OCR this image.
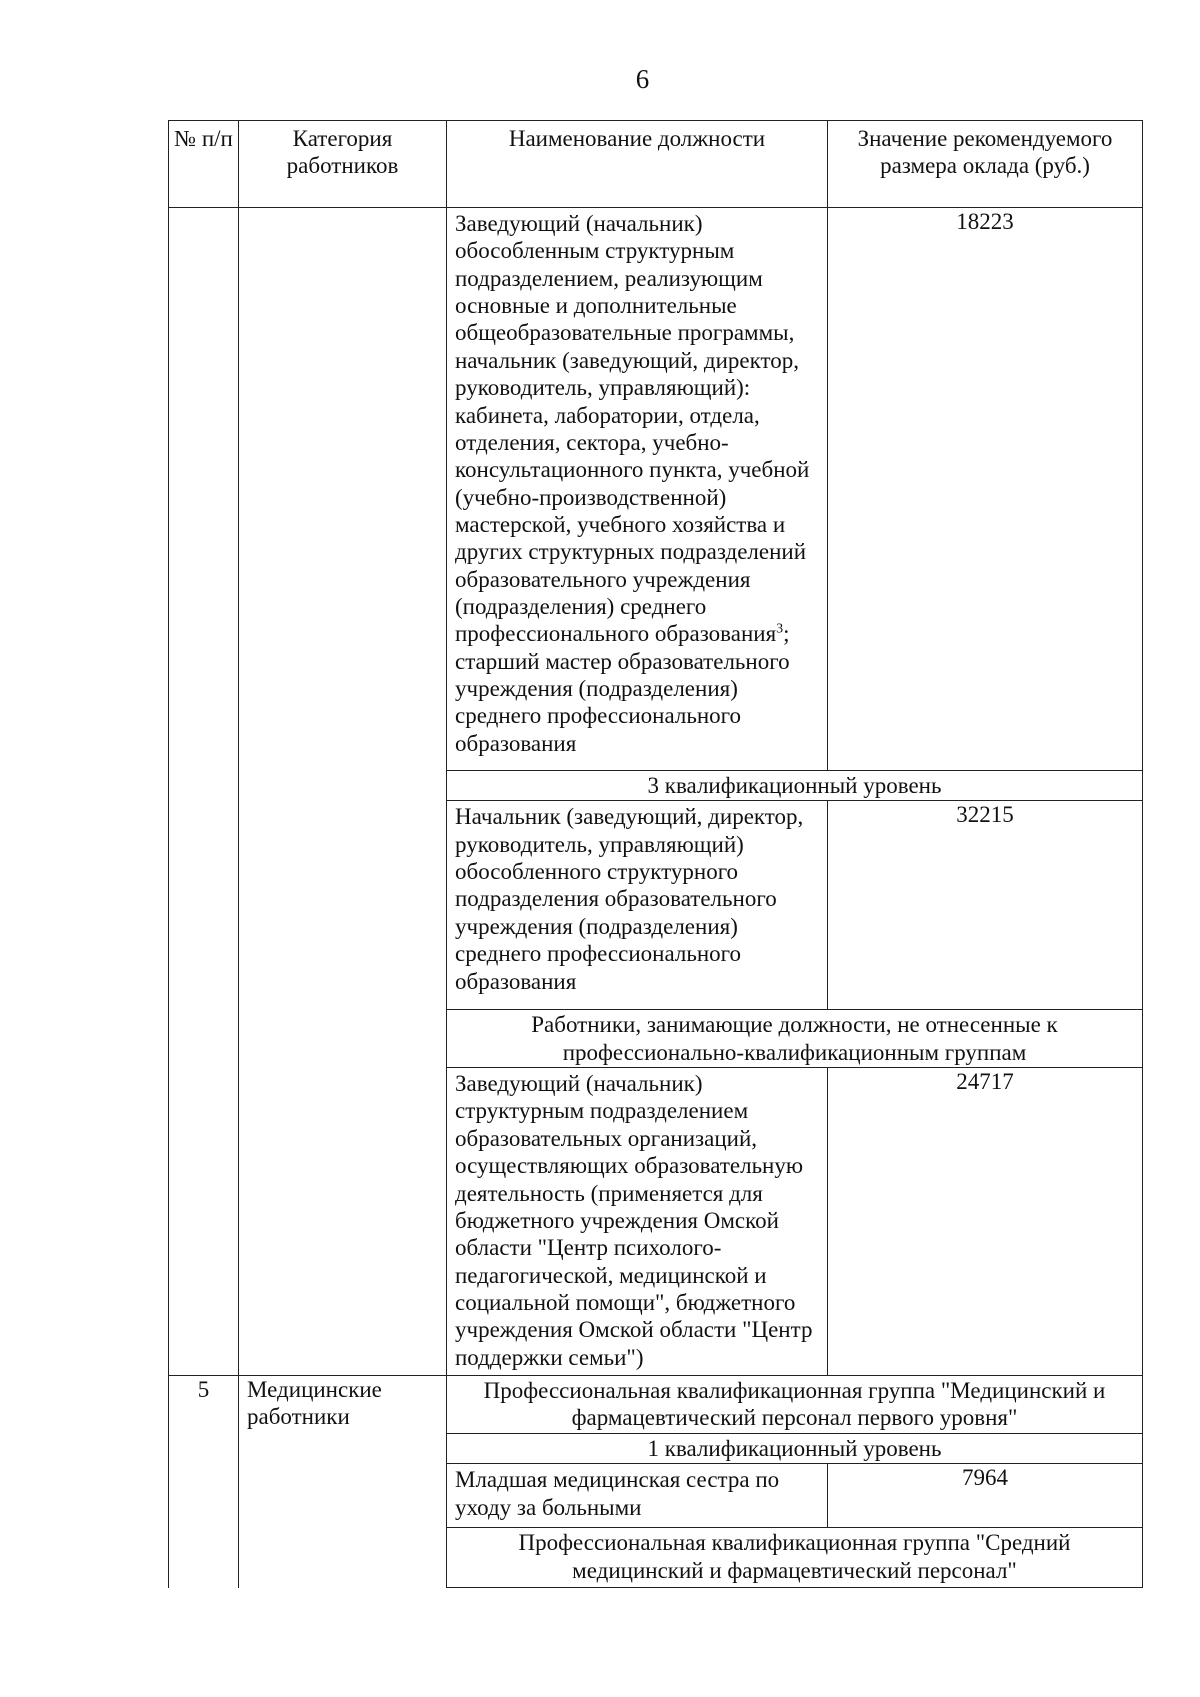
6
№ п/п	Категория работников	Наименование должности	Значение рекомендуемого размера оклада (руб.)
		Заведующий (начальник) обособленным структурным подразделением, реализующим основные и дополнительные общеобразовательные программы, начальник (заведующий, директор, руководитель, управляющий): кабинета, лаборатории, отдела, отделения, сектора, учебно-консультационного пункта, учебной (учебно-производственной) мастерской, учебного хозяйства и других структурных подразделений образовательного учреждения (подразделения) среднего профессионального образования$^3$; старший мастер образовательного учреждения (подразделения) среднего профессионального образования	18223
		3 квалификационный уровень	
		Начальник (заведующий, директор, руководитель, управляющий) обособленного структурного подразделения образовательного учреждения (подразделения) среднего профессионального образования	32215
		Работники, занимающие должности, не отнесенные к профессионально-квалификационным группам	
		Заведующий (начальник) структурным подразделением образовательных организаций, осуществляющих образовательную деятельность (применяется для бюджетного учреждения Омской области "Центр психолого-педагогической, медицинской и социальной помощи", бюджетного учреждения Омской области "Центр поддержки семьи")	24717
5	Медицинские работники	Профессиональная квалификационная группа "Медицинский и фармацевтический персонал первого уровня"	
		1 квалификационный уровень	
		Младшая медицинская сестра по уходу за больными	7964
		Профессиональная квалификационная группа "Средний медицинский и фармацевтический персонал"	
